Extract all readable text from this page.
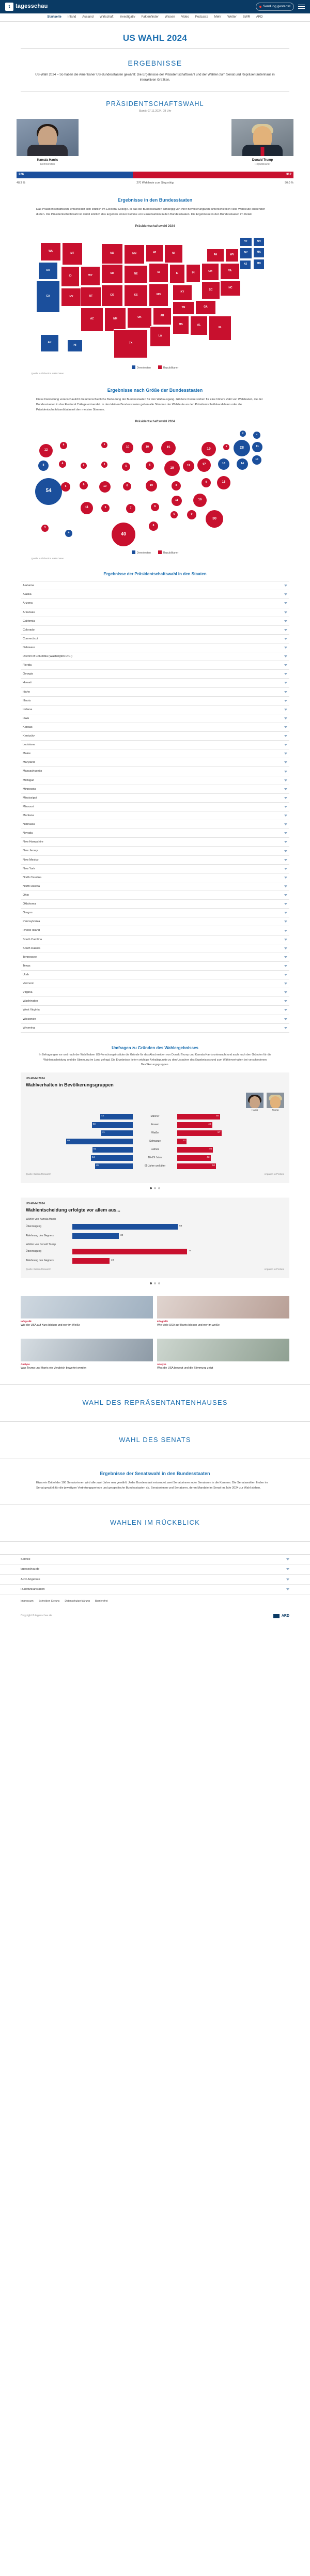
t tagesschau	Sendung gestartet
Startseite Inland Ausland Wirtschaft Investigativ Faktenfinder Wissen Video Podcasts Mehr Wetter SWR ARD
US WAHL 2024
ERGEBNISSE
US-Wahl 2024 – So haben die Amerikaner US-Bundesstaaten gewählt: Die Ergebnisse der Präsidentschaftswahl und der Wahlen zum Senat und Repräsentantenhaus in interaktiven Grafiken.
PRÄSIDENTSCHAFTSWAHL
Stand: 07.11.2024, 08 Uhr
Kamala Harris
Demokraten
Donald Trump
Republikaner
226	312
48,3 %	270 Wahlleute zum Sieg nötig	50,0 %
Ergebnisse in den Bundesstaaten
Das Präsidentschaftswahl entscheidet sich letztlich im Electoral College. In das die Bundesstaaten abhängig von ihrer Bevölkerungszahl unterschiedlich viele Wahlleute entsenden dürfen. Die Präsidentschaftswahl ist damit letztlich das Ergebnis einzel-Summe von Einzelwahlen in den Bundesstaaten. Die Ergebnisse in den Bundesstaaten im Detail.
Präsidentschaftswahl 2024
WA
OR
CA
MT
ID
NV
WY
UT
AZ	NM
CO
ND
SD	NE
KS
OK
TX
MN	WI
IA
MO
AR
LA
MI
IL	IN	OH
KY
TN
MS	AL
GA
FL
SC
NC
VA
PA	WV
NY
NJ
VT	NH
MA
MD
AK
HI
Demokraten	Republikaner
Quelle: AP/Election ARD Daten
Ergebnisse nach Größe der Bundesstaaten
Diese Darstellung veranschaulicht die unterschiedliche Bedeutung der Bundesstaaten für den Wahlausgang. Größere Kreise stehen für eine höhere Zahl von Wahlleuten, die der Bundesstaaten in das Electoral College entsendet. In den kleinen Bundesstaaten gehen alle Stimmen der Wahlleute an den Präsidentschaftskandidaten oder die Präsidentschaftskandidatin mit den meisten Stimmen.
Präsidentschaftswahl 2024
12
8
54
4
4
6
3
6
11	5
10
3
3
5
6
7
40
10	10
6
10
6
8
15
19
11	17
8
11
6	9
16
30
9	16
13
19
4	28
14
3
4
11
10
3
4
Demokraten	Republikaner
Quelle: AP/Election ARD Daten
Ergebnisse der Präsidentschaftswahl in den Staaten
Alabama
Alaska
Arizona
Arkansas
California
Colorado
Connecticut
Delaware
District of Columbia (Washington D.C.)
Florida
Georgia
Hawaii
Idaho
Illinois
Indiana
Iowa
Kansas
Kentucky
Louisiana
Maine
Maryland
Massachusetts
Michigan
Minnesota
Mississippi
Missouri
Montana
Nebraska
Nevada
New Hampshire
New Jersey
New Mexico
New York
North Carolina
North Dakota
Ohio
Oklahoma
Oregon
Pennsylvania
Rhode Island
South Carolina
South Dakota
Tennessee
Texas
Utah
Vermont
Virginia
Washington
West Virginia
Wisconsin
Wyoming
Umfragen zu Gründen des Wahlergebnisses
In Befragungen vor und nach der Wahl haben US-Forschungsinstitute die Gründe für das Abschneiden von Donald Trump und Kamala Harris untersucht und auch nach den Gründen für die Wahlentscheidung und die Stimmung im Land gefragt. Die Ergebnisse liefern wichtige Anhaltspunkte zu den Ursachen des Ergebnisses und zum Wählerverhalten bei verschiedenen Bevölkerungsgruppen.
US-Wahl 2024
Wahlverhalten in Bevölkerungsgruppen
Harris	Trump
42	Männer	55
53	Frauen	45
41	Weiße	57
86	Schwarze	12
52	Latinos	46
54	18–29 Jahre	43
49	65 Jahre und älter	50
Quelle: Edison Research	Angaben in Prozent
US-Wahl 2024
Wahlentscheidung erfolgte vor allem aus...
Wähler von Kamala Harris
Überzeugung	68
Ablehnung des Gegners	30
Wähler von Donald Trump
Überzeugung	74
Ablehnung des Gegners	24
Quelle: Edison Research	Angaben in Prozent
Infografik
Wie die USA auf Kurs blicken und wer im Weiße
Infografik
Wie viele USA auf Harris blicken und wer im weiße
Analyse
Was Trump und Harris ein Vergleich bewertet werden
Analyse
Was die USA bewegt und die Stimmung zeigt
WAHL DES REPRÄSENTANTENHAUSES
WAHL DES SENATS
Ergebnisse der Senatswahl in den Bundesstaaten
Etwa ein Drittel der 100 Senatorinnen wird alle zwei Jahre neu gewählt. Jeder Bundesstaat entsendet zwei Senatorinnen oder Senatoren in die Kammer. Die Senatswahlen finden im Senat gewählt für die jeweiligen Vertretungsperiode und geografische Bundesstaaten ab. Senatorinnen und Senatoren, deren Mandate im Senat im Jahr 2024 zur Wahl stehen.
WAHLEN IM RÜCKBLICK
Service
tagesschau.de
ARD-Angebote
Rundfunkanstalten
Impressum Schreiben Sie uns Datenschutzerklärung Barrierefrei
Copyright © tagesschau.de	ARD
